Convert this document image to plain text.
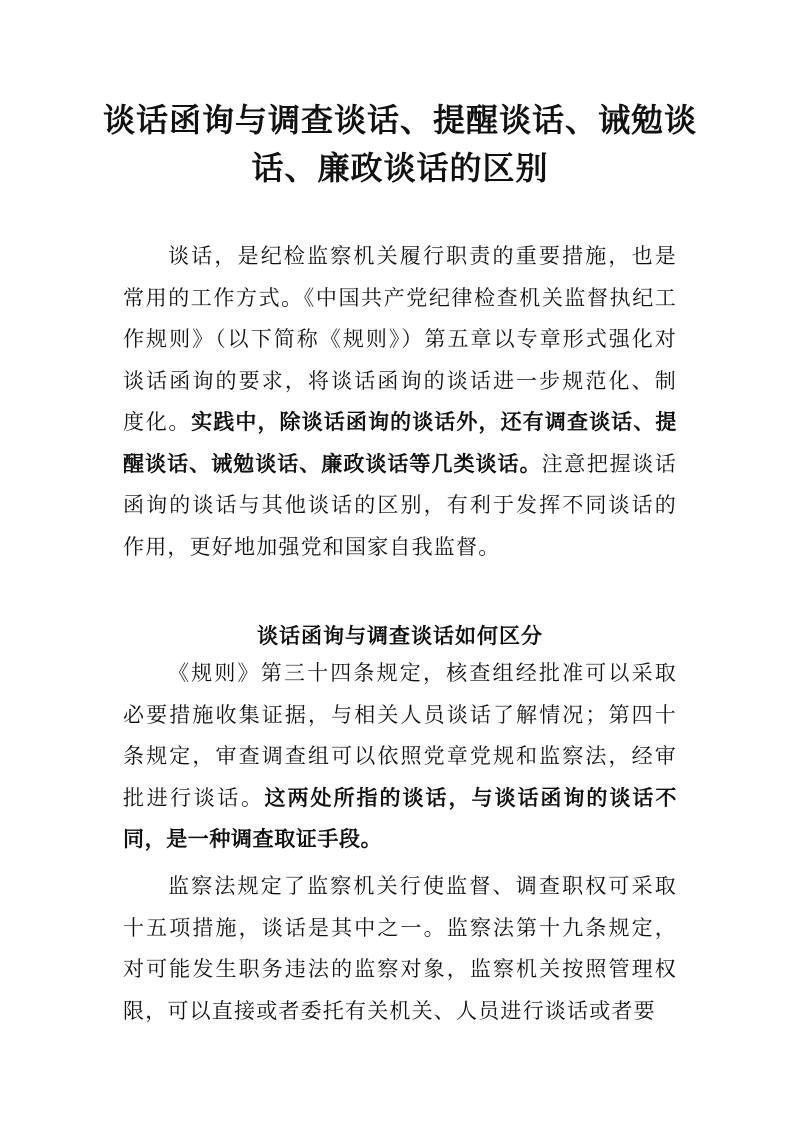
谈话函询与调查谈话、提醒谈话、诫勉谈话、廉政谈话的区别

谈话，是纪检监察机关履行职责的重要措施，也是常用的工作方式。《中国共产党纪律检查机关监督执纪工作规则》（以下简称《规则》）第五章以专章形式强化对谈话函询的要求，将谈话函询的谈话进一步规范化、制度化。实践中，除谈话函询的谈话外，还有调查谈话、提醒谈话、诫勉谈话、廉政谈话等几类谈话。注意把握谈话函询的谈话与其他谈话的区别，有利于发挥不同谈话的作用，更好地加强党和国家自我监督。

谈话函询与调查谈话如何区分

《规则》第三十四条规定，核查组经批准可以采取必要措施收集证据，与相关人员谈话了解情况；第四十条规定，审查调查组可以依照党章党规和监察法，经审批进行谈话。这两处所指的谈话，与谈话函询的谈话不同，是一种调查取证手段。

监察法规定了监察机关行使监督、调查职权可采取十五项措施，谈话是其中之一。监察法第十九条规定，对可能发生职务违法的监察对象，监察机关按照管理权限，可以直接或者委托有关机关、人员进行谈话或者要
